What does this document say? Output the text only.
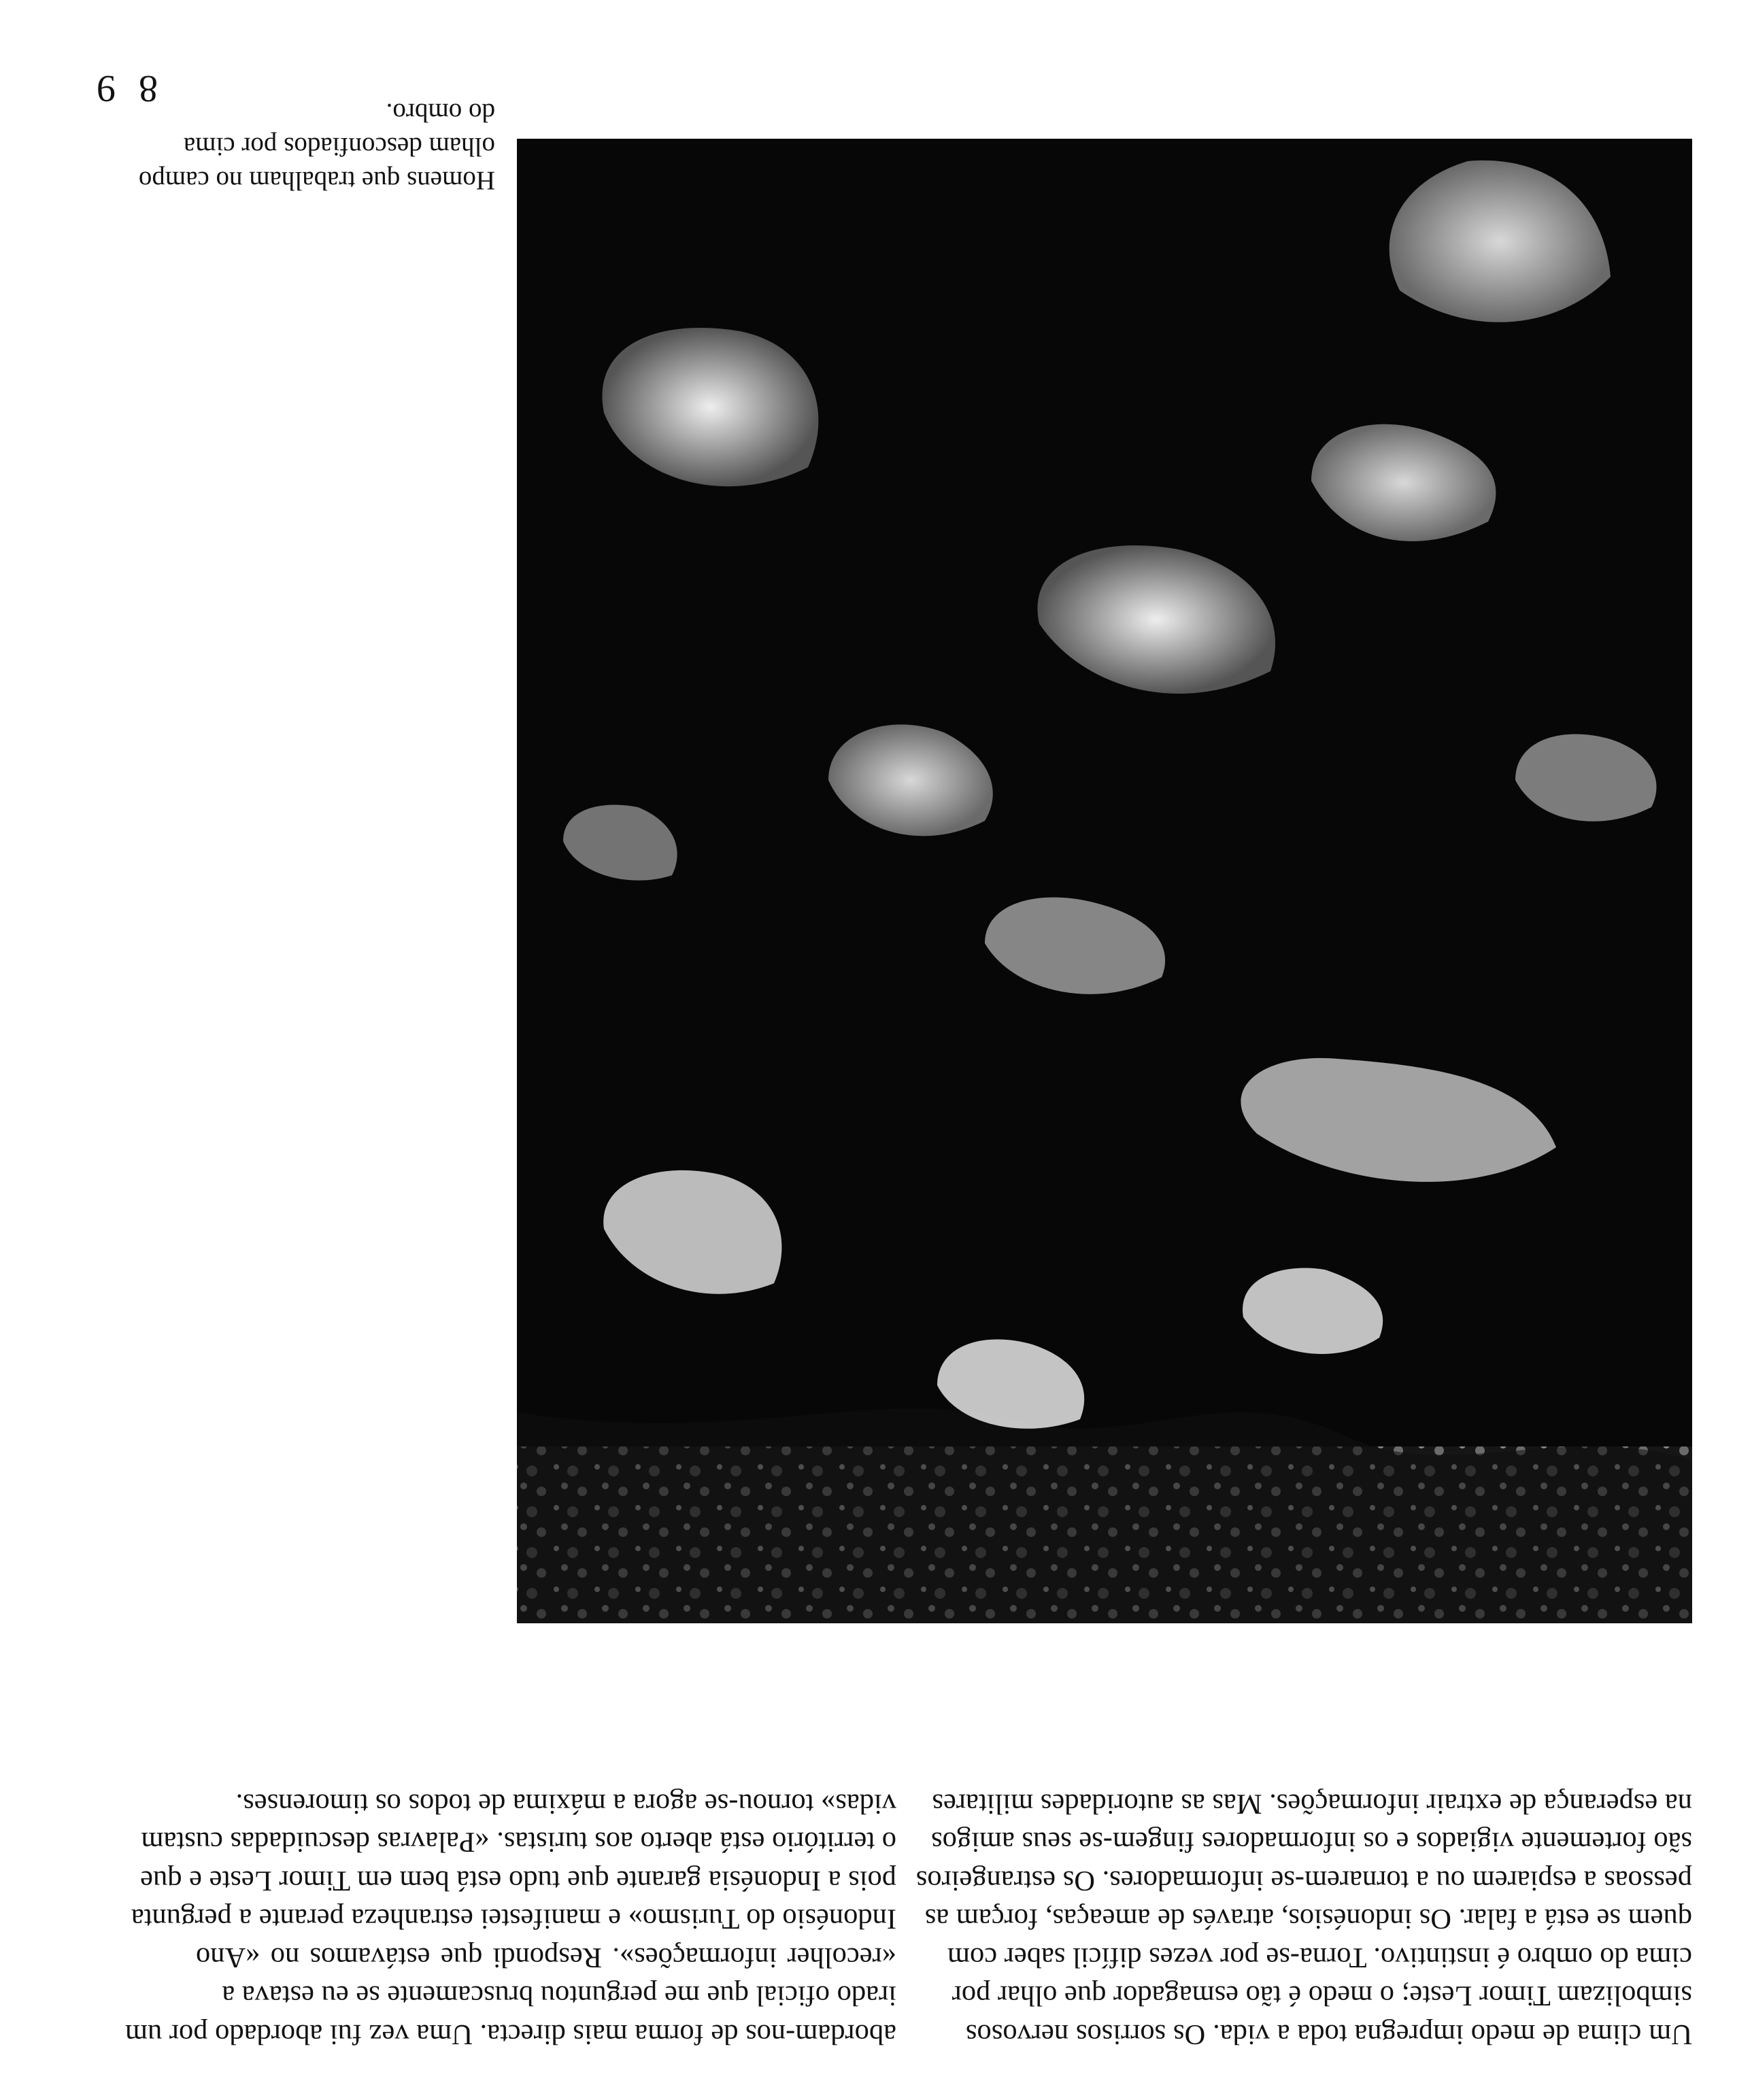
8 9
Homens que trabalham no campo
olham desconfiados por cima
do ombro.
Um clima de medo impregna toda a vida. Os sorrisos nervosos
simbolizam Timor Leste; o medo é tão esmagador que olhar por
cima do ombro é instintivo. Torna-se por vezes difícil saber com
quem se está a falar. Os indonésios, através de ameaças, forçam as
pessoas a espiarem ou a tornarem-se informadores. Os estrangeiros
são fortemente vigiados e os informadores fingem-se seus amigos
na esperança de extrair informações. Mas as autoridades militares
abordam-nos de forma mais directa. Uma vez fui abordado por um
irado oficial que me perguntou bruscamente se eu estava a
«recolher informações». Respondi que estávamos no «Ano
Indonésio do Turismo» e manifestei estranheza perante a pergunta
pois a Indonésia garante que tudo está bem em Timor Leste e que
o território está aberto aos turistas. «Palavras descuidadas custam
vidas» tornou-se agora a máxima de todos os timorenses.
